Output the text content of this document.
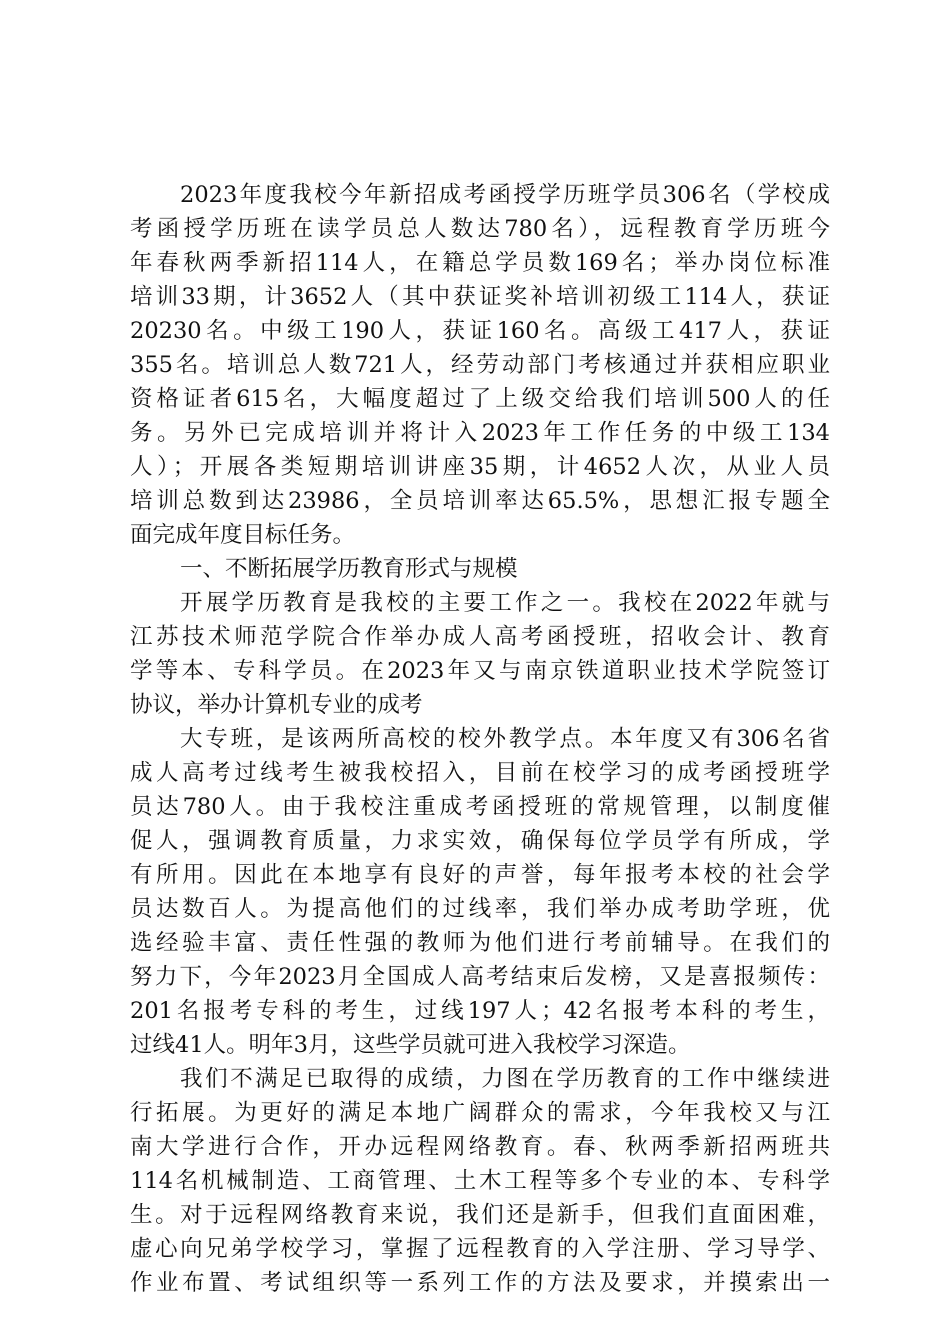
2023年度我校今年新招成考函授学历班学员306名（学校成
考函授学历班在读学员总人数达780名），远程教育学历班今
年春秋两季新招114人，在籍总学员数169名；举办岗位标准
培训33期，计3652人（其中获证奖补培训初级工114人，获证
20230名。中级工190人，获证160名。高级工417人，获证
355名。培训总人数721人，经劳动部门考核通过并获相应职业
资格证者615名，大幅度超过了上级交给我们培训500人的任
务。另外已完成培训并将计入2023年工作任务的中级工134
人）；开展各类短期培训讲座35期，计4652人次，从业人员
培训总数到达23986，全员培训率达65.5%，思想汇报专题全
面完成年度目标任务。
一、不断拓展学历教育形式与规模
开展学历教育是我校的主要工作之一。我校在2022年就与
江苏技术师范学院合作举办成人高考函授班，招收会计、教育
学等本、专科学员。在2023年又与南京铁道职业技术学院签订
协议，举办计算机专业的成考
大专班，是该两所高校的校外教学点。本年度又有306名省
成人高考过线考生被我校招入，目前在校学习的成考函授班学
员达780人。由于我校注重成考函授班的常规管理，以制度催
促人，强调教育质量，力求实效，确保每位学员学有所成，学
有所用。因此在本地享有良好的声誉，每年报考本校的社会学
员达数百人。为提高他们的过线率，我们举办成考助学班，优
选经验丰富、责任性强的教师为他们进行考前辅导。在我们的
努力下，今年2023月全国成人高考结束后发榜，又是喜报频传：
201名报考专科的考生，过线197人；42名报考本科的考生，
过线41人。明年3月，这些学员就可进入我校学习深造。
我们不满足已取得的成绩，力图在学历教育的工作中继续进
行拓展。为更好的满足本地广阔群众的需求，今年我校又与江
南大学进行合作，开办远程网络教育。春、秋两季新招两班共
114名机械制造、工商管理、土木工程等多个专业的本、专科学
生。对于远程网络教育来说，我们还是新手，但我们直面困难，
虚心向兄弟学校学习，掌握了远程教育的入学注册、学习导学、
作业布置、考试组织等一系列工作的方法及要求，并摸索出一
